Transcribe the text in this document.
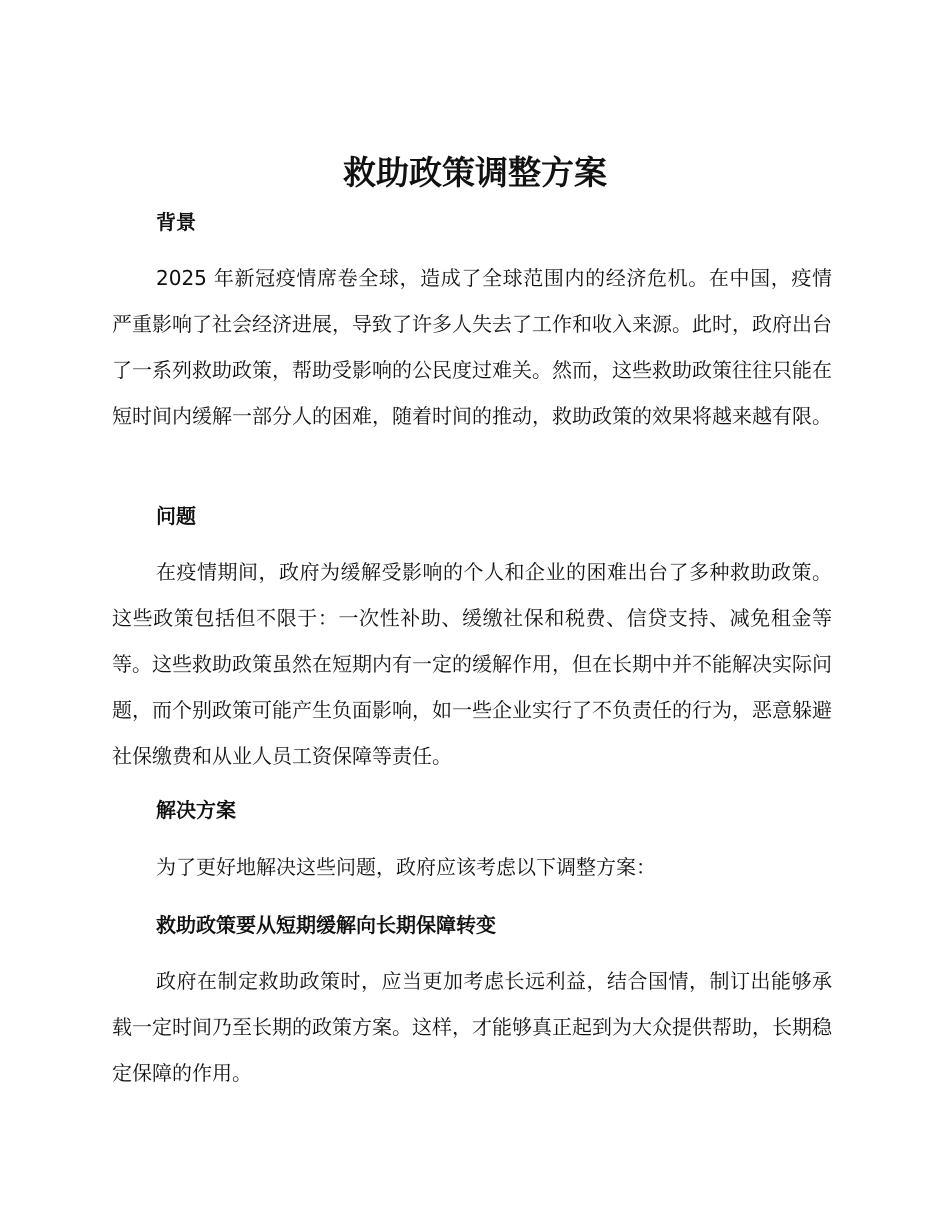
救助政策调整方案
背景
2025 年新冠疫情席卷全球，造成了全球范围内的经济危机。在中国，疫情严重影响了社会经济进展，导致了许多人失去了工作和收入来源。此时，政府出台了一系列救助政策，帮助受影响的公民度过难关。然而，这些救助政策往往只能在短时间内缓解一部分人的困难，随着时间的推动，救助政策的效果将越来越有限。
问题
在疫情期间，政府为缓解受影响的个人和企业的困难出台了多种救助政策。这些政策包括但不限于：一次性补助、缓缴社保和税费、信贷支持、减免租金等等。这些救助政策虽然在短期内有一定的缓解作用，但在长期中并不能解决实际问题，而个别政策可能产生负面影响，如一些企业实行了不负责任的行为，恶意躲避社保缴费和从业人员工资保障等责任。
解决方案
为了更好地解决这些问题，政府应该考虑以下调整方案：
救助政策要从短期缓解向长期保障转变
政府在制定救助政策时，应当更加考虑长远利益，结合国情，制订出能够承载一定时间乃至长期的政策方案。这样，才能够真正起到为大众提供帮助，长期稳定保障的作用。
